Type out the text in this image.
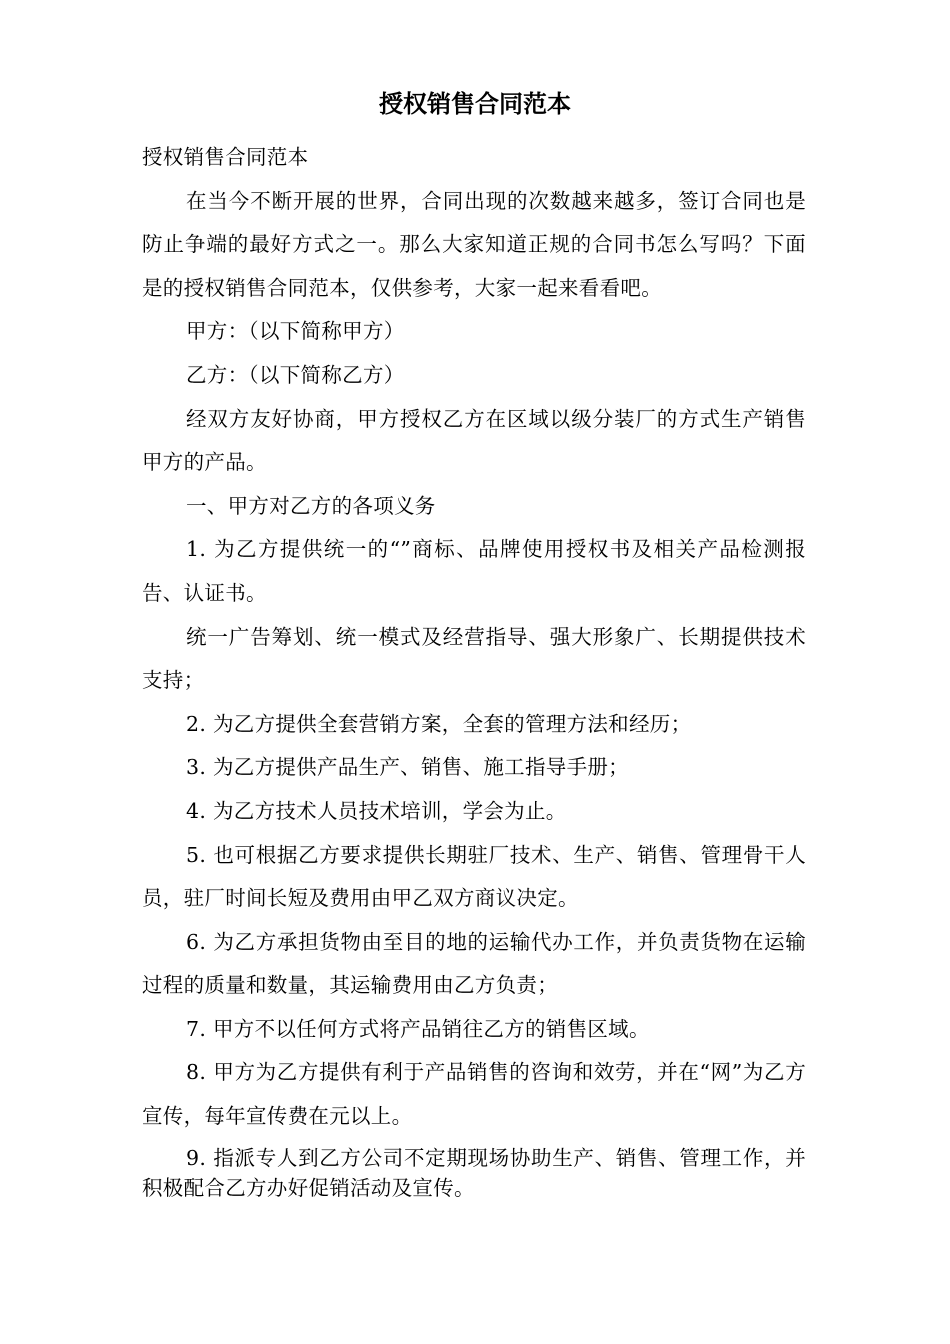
授权销售合同范本

授权销售合同范本

在当今不断开展的世界，合同出现的次数越来越多，签订合同也是防止争端的最好方式之一。那么大家知道正规的合同书怎么写吗？下面是的授权销售合同范本，仅供参考，大家一起来看看吧。

甲方：（以下简称甲方）

乙方：（以下简称乙方）

经双方友好协商，甲方授权乙方在区域以级分装厂的方式生产销售甲方的产品。

一、甲方对乙方的各项义务

1. 为乙方提供统一的“”商标、品牌使用授权书及相关产品检测报告、认证书。

统一广告筹划、统一模式及经营指导、强大形象广、长期提供技术支持；

2. 为乙方提供全套营销方案，全套的管理方法和经历；

3. 为乙方提供产品生产、销售、施工指导手册；

4. 为乙方技术人员技术培训，学会为止。

5. 也可根据乙方要求提供长期驻厂技术、生产、销售、管理骨干人员，驻厂时间长短及费用由甲乙双方商议决定。

6. 为乙方承担货物由至目的地的运输代办工作，并负责货物在运输过程的质量和数量，其运输费用由乙方负责；

7. 甲方不以任何方式将产品销往乙方的销售区域。

8. 甲方为乙方提供有利于产品销售的咨询和效劳，并在“网”为乙方宣传，每年宣传费在元以上。

9. 指派专人到乙方公司不定期现场协助生产、销售、管理工作，并积极配合乙方办好促销活动及宣传。
